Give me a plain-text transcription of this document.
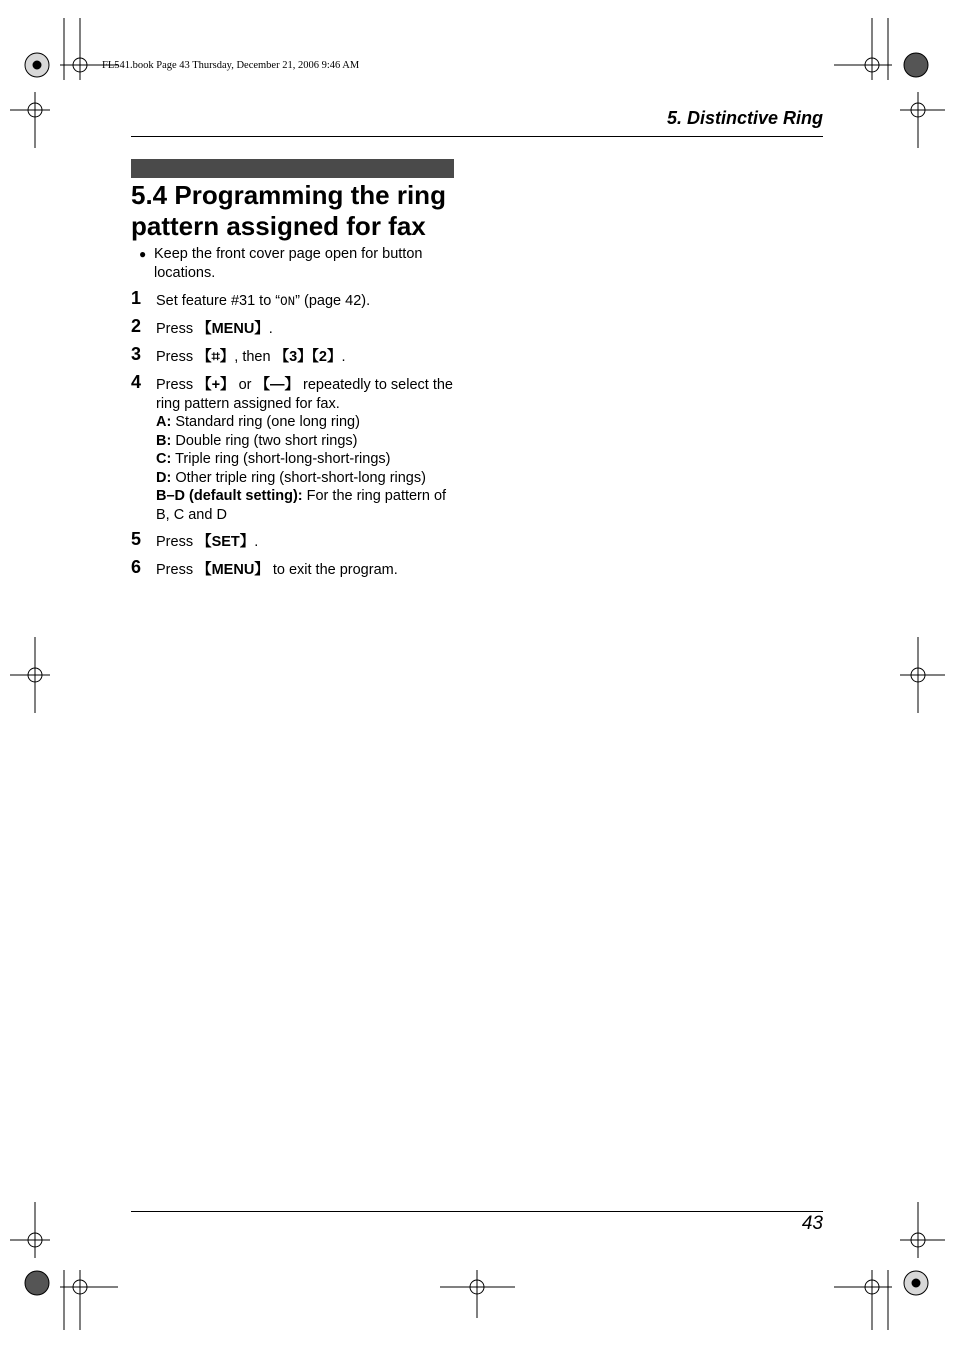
FL541.book Page 43 Thursday, December 21, 2006 9:46 AM
5. Distinctive Ring
5.4 Programming the ring pattern assigned for fax
● Keep the front cover page open for button locations.
1	Set feature #31 to “ON” (page 42).
2	Press 【MENU】.
3	Press 【⌗】, then 【3】【2】.
4	Press 【+】 or 【—】 repeatedly to select the ring pattern assigned for fax.
A: Standard ring (one long ring)
B: Double ring (two short rings)
C: Triple ring (short-long-short-rings)
D: Other triple ring (short-short-long rings)
B–D (default setting): For the ring pattern of B, C and D
5	Press 【SET】.
6	Press 【MENU】 to exit the program.
43
